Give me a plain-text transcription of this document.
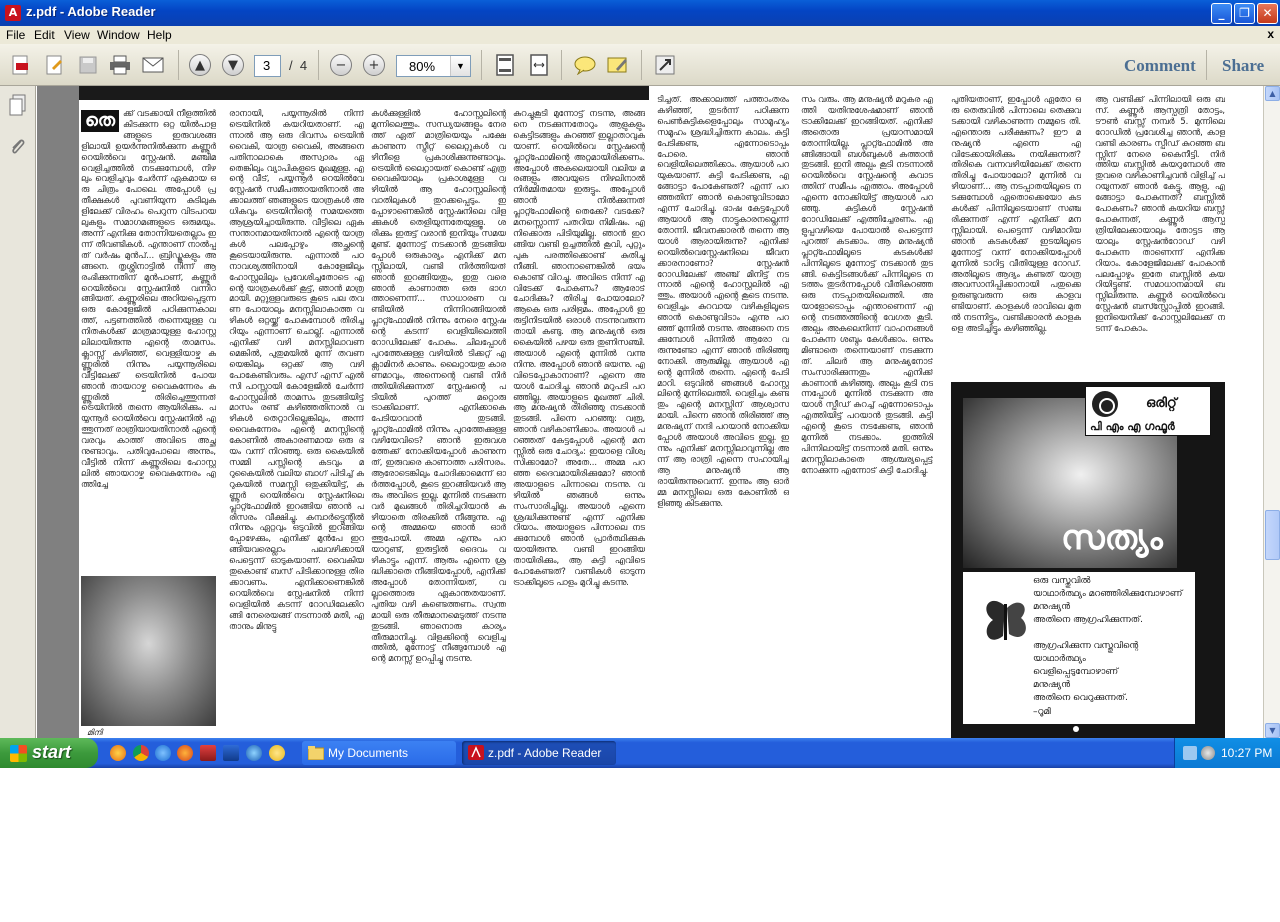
A z.pdf - Adobe Reader	_	❐	✕
File Edit View Window Help	x
▲	▼	3	/ 4	−	+	80%	▼	Comment Share
തെ ക്ക് വടക്കായി നീളത്തിൽ കിടക്കുന്ന ഒറ്റ യിൽപാളങ്ങളുടെ ഇരുവശങ്ങളിലായി ഉയർന്നുനിൽക്കുന്ന കണ്ണൂർ റെയിൽവെ സ്റ്റേഷൻ. മഞ്ചിമ വെളിച്ചത്തിൽ നടക്കുമ്പോൾ, നിഴലും വെളിച്ചവും ചേർന്ന് ഏകമായ ഒരു ചിത്രം പോലെ. അപ്പോൾ പ്രതീക്ഷകൾ പുവണിയുന്ന കുടിലുകളിലേക്ക് വിരഹം പെറുന്ന വിടപറയലുകളും സമാഗമങ്ങളുടെ ഒരുമയും. അന്ന് എനിക്കു തോന്നിയതെല്ലാം ഇന്ന് തീവണ്ടികൾ. എന്താണ് നാൽപ്പത് വർഷം മുൻപ്... ബ്രിഡ്ജുകളും അങ്ങനെ. തൃശ്ശിനാട്ടിൽ നിന്ന് ആരംഭിക്കുന്നതിന് മുൻപാണ്, കണ്ണൂർ റെയിൽവെ സ്റ്റേഷനിൽ വന്നിറങ്ങിയത്. കണ്ണൂരിലെ അറിയപ്പെടുന്ന ഒരു കോളേജിൽ പഠിക്കുന്നകാലത്ത്, പട്ടണത്തിൽ തന്നെയുള്ള വനിതകൾക്ക് മാത്രമായുള്ള ഹോസ്റ്റലിലായിരുന്നു എന്റെ താമസം. ക്ലാസ്സ് കഴിഞ്ഞ്, വെള്ളിയാഴ്ച കണ്ണൂരിൽ നിന്നും പയ്യന്നൂരിലെ വീട്ടിലേക്ക് ട്രെയിനിൽ പോയ ഞാൻ തായറാഴ്ച വൈകുന്നേരം കണ്ണൂരിൽ തിരിച്ചെത്തുന്നത് ട്രെയിനിൽ തന്നെ ആയിരിക്കും. പയ്യന്നൂർ റെയിൽവെ സ്റ്റേഷനിൽ എത്തുന്നത് രാത്രിയായതിനാൽ എന്റെ വരവും കാത്ത് അവിടെ അച്ഛനുണ്ടാവും. പതിവുപോലെ അന്നും, വീട്ടിൽ നിന്ന് കണ്ണൂരിലെ ഹോസ്റ്റലിൽ ഞായറാഴ്ച വൈകുന്നേരം എത്തിച്ചേ
മിനി
രാനായി, പയ്യന്നൂരിൽ നിന്ന് ട്രെയിനിൽ കയറിയതാണ്. എന്നാൽ ആ ഒരു ദിവസം ട്രെയിൻ വൈകി, യാത്ര വൈകി, അങ്ങനെ പതിനാലാകെ അസ്വാരം ഏതെങ്കിലും വ്യാപികളുടെ മുഖമുള്ള. എന്റെ വീട്, പയ്യന്നൂർ റെയിൽവേ സ്റ്റേഷൻ സമീപത്തായതിനാൽ അക്കാലത്ത് ഞങ്ങളുടെ യാത്രകൾ അധികവും ട്രെയിനിന്റെ സമയത്തെ ആശ്രയിച്ചായിരുന്നു. വീട്ടിലെ ഏക സന്താനമായതിനാൽ എന്റെ യാത്രകൾ പലപ്പോഴും അച്ഛന്റെ കൂടെയായിരുന്നു. എന്നാൽ പഠനാവശ്യത്തിനായി കോളേജിലും ഹോസ്റ്റലിലും പ്രവേശിച്ചതോടെ എന്റെ യാത്രകൾക്ക് കൂട്ട്, ഞാൻ മാത്രമായി. മറ്റുള്ളവരുടെ കൂടെ പല തവണ പോയാലും മനസ്സിലാകാത്ത വഴികൾ ഒറ്റയ്ക്ക് പോകുമ്പോൾ തിരിച്ചറിയും എന്നാണ് ചൊല്ല്. എന്നാൽ എനിക്ക് വഴി മനസ്സിലാവണമെങ്കിൽ, പുതുമയിൽ മുന്ന് തവണയെങ്കിലും ഒറ്റക്ക് ആ വഴി പോകേണ്ടിവരും. എസ് എസ് എൽ സി പാസ്സായി കോളേജിൽ ചേർന്ന് ഹോസ്റ്റലിൽ താമസം തുടങ്ങിയിട്ട് മാസം രണ്ട് കഴിഞ്ഞതിനാൽ വഴികൾ തെറ്റാറില്ലെങ്കിലും, അന്ന് വൈകുന്നേരം എന്റെ മനസ്സിന്റെ കോണിൽ അകാരണമായ ഒരു ഭയം വന്ന് നിറഞ്ഞു. ഒരു കൈയിൽ സമ്മി പസ്സിന്റെ കടവും മറുകൈയിൽ വലിയ ബാഗ് പിടിച്ച് കറുകയിൽ സമസ്സി ഒതുക്കിയിട്ട്, കണ്ണൂർ റെയിൽവെ സ്റ്റേഷനിലെ പ്ലാറ്റ്ഫോമിൽ ഇറങ്ങിയ ഞാൻ പരിസരം വീക്ഷിച്ചു. കമ്പാർട്ട്മെന്റിൽ നിന്നും ഏറ്റവും ഒടുവിൽ ഇറങ്ങിയപ്പോഴേക്കും, എനിക്ക് മുൻപേ ഇറങ്ങിയവരെല്ലാം പലവഴിക്കായി പെട്ടെന്ന് ഓടുകയാണ്. വൈകിയതുകൊണ്ട് ബസ് പിടിക്കാനുള്ള തിരക്കാവണം. എനിക്കാണെങ്കിൽ റെയിൽവെ സ്റ്റേഷനിൽ നിന്ന് വെളിയിൽ കടന്ന് റോഡിലേക്കിറങ്ങി നേരെയങ്ങ് നടന്നാൽ മതി, എതാനും മിനുട്ടു
കൾക്കുള്ളിൽ ഹോസ്റ്റലിന്റെ മുന്നിലെത്തും. സന്ധ്യയങ്ങളും നേരത്ത് ഏത് മാത്രിയെയും പക്ഷേ കാണുന്ന സ്ട്രീറ്റ് ലൈറ്റുകൾ വഴിനീളെ പ്രകാശിക്കുന്നുണ്ടാവും. ട്രെയിൻ ലൈറ്റായത് കൊണ്ട് എത്ര വൈകിയാലും പ്രകാശമുള്ള വഴിയിൽ ആ ഹോസ്റ്റലിന്റെ വാതിലുകൾ തുറക്കപ്പെടും. ഇപ്പോഴാണെങ്കിൽ സ്റ്റേഷനിലെ വിളക്കുകൾ തെളിയുന്നതേയുള്ളൂ. ശരിക്കും ഇരുട്ട് വരാൻ ഇനിയും സമയമുണ്ട്. മുന്നോട്ട് നടക്കാൻ തുടങ്ങിയപ്പോൾ ഒരുകാര്യം എനിക്ക് മനസ്സിലായി, വണ്ടി നിർത്തിയത് ഞാൻ ഇറങ്ങിയതും, ഇതു വരെ ഞാൻ കാണാത്ത ഒരു ഭാഗത്താണെന്ന്... സാധാരണ വണ്ടിയിൽ നിന്നിറങ്ങിയാൽ പ്ലാറ്റ്ഫോമിൽ നിന്നും നേരെ സ്റ്റേഷന്റെ കടന്ന് വെളിയിലെത്തി റോഡിലേക്ക് പോകും. ചിലപ്പോൾ പുറത്തേക്കുള്ള വഴിയിൽ ടിക്കറ്റ് എക്സാമിനർ കാണും. ലൈറ്റായതു കാരണമാവും, അന്നെന്റെ വണ്ടി നിർത്തിയിരിക്കുന്നത് സ്റ്റേഷന്റെ പടിയിൽ പുറത്ത് മറ്റൊരു ട്രാക്കിലാണ്. എനിക്കാകെ പേടിയാവാൻ തുടങ്ങി. പ്ലാറ്റ്ഫോമിൽ നിന്നും പുറത്തേക്കുള്ള വഴിയേവിടെ? ഞാൻ ഇരുവശത്തേക്ക് നോക്കിയപ്പോൾ കാണുന്നത്, ഇരുവരെ കാണാത്ത പരിസരം. ആരോടെങ്കിലും ചോദിക്കാമെന്ന് ഓർത്തപ്പോൾ, കൂടെ ഇറങ്ങിയവർ ആരും അവിടെ ഇല്ല. മുന്നിൽ നടക്കുന്നവർ മുഖങ്ങൾ തിരിച്ചറിയാൻ കഴിയാതെ തിരക്കിൽ നീങ്ങുന്നു. എന്റെ അമ്മയെ ഞാൻ ഓർത്തുപോയി. അമ്മ എന്നും പറയാറുണ്ട്, ഇരുട്ടിൽ ദൈവം വഴികാട്ടും എന്ന്. ആരും എന്നെ ശ്രദ്ധിക്കാതെ നീങ്ങിയപ്പോൾ, എനിക്ക് അപ്പോൾ തോന്നിയത്, വല്ലാത്തൊരു ഏകാന്തതയാണ്. പുതിയ വഴി കണ്ടെത്തണം. സ്വന്തമായി ഒരു തീരുമാനമെടുത്ത് നടന്നു തുടങ്ങി. ഞാനൊരു കാര്യം തീരുമാനിച്ചു. വിളക്കിന്റെ വെളിച്ചത്തിൽ, മുന്നോട്ട് നീങ്ങുമ്പോൾ എന്റെ മനസ്സ് ഉറപ്പിച്ചു നടന്നു.
കുറച്ചുകൂടി മുന്നോട്ട് നടന്നു, അങ്ങനെ നടക്കുന്നതോറും ആളുകളും കെട്ടിടങ്ങളും കുറഞ്ഞ് ഇല്ലാതാവുകയാണ്. റെയിൽവെ സ്റ്റേഷന്റെ പ്ലാറ്റ്ഫോമിന്റെ അറ്റമായിരിക്കണം. അപ്പോൾ അകലെയായി വലിയ മരങ്ങളും അവയുടെ നിഴലിനാൽ നിർമ്മിതമായ ഇരുട്ടും. അപ്പോൾ ഞാൻ നിൽക്കുന്നത് പ്ലാറ്റ്ഫോമിന്റെ തെക്കേ? വടക്കേ? മനസ്സൊന്ന് പതറിയ നിമിഷം. എനിക്കൊരു പിടിയുമില്ല. ഞാൻ ഇറങ്ങിയ വണ്ടി ഉച്ചത്തിൽ കൂവി, പുറ്റും പുക പരത്തിക്കൊണ്ട് കുതിച്ചു നീങ്ങി. ഞാനാണെങ്കിൽ ഭയം കൊണ്ട് വിറച്ചു. അവിടെ നിന്ന് എവിടേക്ക് പോകണം? ആരോട് ചോദിക്കും? തിരിച്ചു പോയാലോ? ആകെ ഒരു പരിഭ്രമം. അപ്പോൾ ഇരുട്ടിനിടയിൽ ഒരാൾ നടന്നുവരുന്നതായി കണ്ടു. ആ മനുഷ്യൻ ഒരു കൈയിൽ പഴയ ഒരു തുണിസഞ്ചി. അയാൾ എന്റെ മുന്നിൽ വന്നു നിന്നു. അപ്പോൾ ഞാൻ ഭയന്നു. എവിടെപ്പോകാനാണ്? എന്നെ അയാൾ ചോദിച്ചു. ഞാൻ മറുപടി പറഞ്ഞില്ല. അയാളുടെ മുഖത്ത് ചിരി. ആ മനുഷ്യൻ തിരിഞ്ഞു നടക്കാൻ തുടങ്ങി. പിന്നെ പറഞ്ഞു: വരൂ, ഞാൻ വഴികാണിക്കാം. അയാൾ പറഞ്ഞത് കേട്ടപ്പോൾ എന്റെ മനസ്സിൽ ഒരു ചോദ്യം: ഇയാളെ വിശ്വസിക്കാമോ? അതേ... അമ്മ പറഞ്ഞ ദൈവമായിരിക്കുമോ? ഞാൻ അയാളുടെ പിന്നാലെ നടന്നു. വഴിയിൽ ഞങ്ങൾ ഒന്നും സംസാരിച്ചില്ല. അയാൾ എന്നെ ശ്രദ്ധിക്കുന്നുണ്ട് എന്ന് എനിക്കറിയാം. അയാളുടെ പിന്നാലെ നടക്കുമ്പോൾ ഞാൻ പ്രാർത്ഥിക്കുകയായിരുന്നു. വണ്ടി ഇറങ്ങിയതായിരിക്കും, ആ കുട്ടി എവിടെ പോകേണ്ടത്? വണ്ടികൾ ഓടുന്ന ട്രാക്കിലൂടെ പാളം മുറിച്ചു കടന്നു.
ടിച്ചത്. അക്കാലത്ത് പത്താംതരം കഴിഞ്ഞ്, തുടർന്ന് പഠിക്കുന്ന പെൺകുട്ടികളെപ്പോലും സാമൂഹ്യം സമൂഹം ശ്രദ്ധിച്ചിരുന്ന കാലം. കുട്ടി പേടിക്കണ്ട, എന്നോടൊപ്പം പോരെ. ഞാൻ വെളിയിലെത്തിക്കാം. ആയാൾ പറയുകയാണ്. കുട്ടി പേടിക്കണ്ട, എങ്ങോട്ടാ പോകേണ്ടത്? എന്ന് പറഞ്ഞതിന് ഞാൻ കൊണ്ടുവിടാമോ എന്ന് ചോദിച്ചു. ഭാഷ കേട്ടപ്പോൾ ആയാൾ ആ നാട്ടുകാരനല്ലെന്ന് തോന്നി. ജീവനക്കാരൻ തന്നെ ആയാൾ ആരായിരുന്നു? എനിക്ക് റെയിൽവെസ്റ്റേഷനിലെ ജീവനക്കാരനാണോ? സ്റ്റേഷൻ റോഡിലേക്ക് അഞ്ച് മിനിട്ട് നടന്നാൽ എന്റെ ഹോസ്റ്റലിൽ എത്തും. അയാൾ എന്റെ കൂടെ നടന്നു. വെളിച്ചം കുറവായ വഴികളിലൂടെ ഞാൻ കൊണ്ടുവിടാം എന്നു പറഞ്ഞ് മുന്നിൽ നടന്നു. അങ്ങനെ നടക്കുമ്പോൾ പിന്നിൽ ആരോ വരുന്നുണ്ടോ എന്ന് ഞാൻ തിരിഞ്ഞു നോക്കി. ആരുമില്ല. ആയാൾ എന്റെ മുന്നിൽ തന്നെ. എന്റെ പേടി മാറി. ഒടുവിൽ ഞങ്ങൾ ഹോസ്റ്റലിന്റെ മുന്നിലെത്തി. വെളിച്ചം കണ്ടതും എന്റെ മനസ്സിന് ആശ്വാസമായി. പിന്നെ ഞാൻ തിരിഞ്ഞ് ആ മനുഷ്യന് നന്ദി പറയാൻ നോക്കിയപ്പോൾ അയാൾ അവിടെ ഇല്ല. ഇന്നും എനിക്ക് മനസ്സിലാവുന്നില്ല അന്ന് ആ രാത്രി എന്നെ സഹായിച്ച ആ മനുഷ്യൻ ആരായിരുന്നുവെന്ന്. ഇന്നും ആ ഓർമ്മ മനസ്സിലെ ഒരു കോണിൽ ഒളിഞ്ഞു കിടക്കുന്നു.
സം വരും. ആ മനുഷ്യൻ മറുകര എത്തി യതിനുശേഷമാണ് ഞാൻ ട്രാക്കിലേക്ക് ഇറങ്ങിയത്. എനിക്ക് അതൊരു പ്രയാസമായി തോന്നിയില്ല. പ്ലാറ്റ്ഫോമിൽ അങ്ങിങ്ങായി ബൾബുകൾ കത്താൻ തുടങ്ങി. ഇനി അല്പം കൂടി നടന്നാൽ റെയിൽവെ സ്റ്റേഷന്റെ കവാടത്തിന് സമീപം എത്താം. അപ്പോൾ എന്നെ നോക്കിയിട്ട് ആയാൾ പറഞ്ഞു. കുട്ടികൾ സ്റ്റേഷൻ റോഡിലേക്ക് എത്തിച്ചേരണം. എളുപ്പവഴിയെ പോയാൽ പെട്ടെന്ന് പുറത്ത് കടക്കാം. ആ മനുഷ്യൻ പ്ലാറ്റ്ഫോമിലൂടെ കടകൾക്ക് പിന്നിലൂടെ മുന്നോട്ട് നടക്കാൻ തുടങ്ങി. കെട്ടിടങ്ങൾക്ക് പിന്നിലൂടെ നടത്തം തുടർന്നപ്പോൾ വീതികുറഞ്ഞ ഒരു നടപ്പാതയിലെത്തി. അയാളോടൊപ്പം എന്താണെന്ന് എന്റെ നടത്തത്തിന്റെ വേഗത കൂടി. അല്പം അകലെനിന്ന് വാഹനങ്ങൾ പോകുന്ന ശബ്ദം കേൾക്കാം. ഒന്നും മിണ്ടാതെ തന്നെയാണ് നടക്കുന്നത്. ചിലർ ആ മനുഷ്യനോട് സംസാരിക്കുന്നതും എനിക്ക് കാണാൻ കഴിഞ്ഞു. അല്പം കൂടി നടന്നപ്പോൾ മുന്നിൽ നടക്കുന്ന അയാൾ സ്പീഡ് കുറച്ച് എന്നോടൊപ്പം എത്തിയിട്ട് പറയാൻ തുടങ്ങി. കുട്ടി എന്റെ കൂടെ നടക്കേണ്ട, ഞാൻ മുന്നിൽ നടക്കാം. ഇത്തിരി പിന്നിലായിട്ട് നടന്നാൽ മതി. ഒന്നും മനസ്സിലാകാതെ ആശ്ചര്യപ്പെട്ട് നോക്കുന്ന എന്നോട് കുട്ടി ചോദിച്ചു.
പുതിയതാണ്, ഇപ്പോൾ ഏതോ ഒരു തെരുവിൽ പിന്നാലെ തെക്കുവടക്കായി വഴികാണുന്ന നമ്മുടെ തി. എന്തൊരു പരീക്ഷണം? ഈ മനുഷ്യൻ എന്നെ എവിടേക്കായിരിക്കും നയിക്കുന്നത്? തിരികെ വന്നവഴിയിലേക്ക് തന്നെ തിരിച്ചു പോയാലോ? മുന്നിൽ വഴിയാണ്... ആ നടപ്പാതയിലൂടെ നടക്കുമ്പോൾ ഏതൊക്കെയോ കടകൾക്ക് പിന്നിലൂടെയാണ് സഞ്ചരിക്കുന്നത് എന്ന് എനിക്ക് മനസ്സിലായി. പെട്ടെന്ന് വഴിമാറിയ ഞാൻ കടകൾക്ക് ഇടയിലൂടെ മുന്നോട്ട് വന്ന് നോക്കിയപ്പോൾ മുന്നിൽ ടാറിട്ട വീതിയുള്ള റോഡ്. അതിലൂടെ ആദ്യം കണ്ടത് യാത്ര അവസാനിപ്പിക്കാനായി പതുക്കെ ഉരുണ്ടുവരുന്ന ഒരു കാളവണ്ടിയാണ്. കാളകൾ രാവിലെ മുതൽ നടന്നിട്ടും, വണ്ടിക്കാരൻ കാളകളെ അടിച്ചിട്ടും കഴിഞ്ഞില്ല.
ആ വണ്ടിക്ക് പിന്നിലായി ഒരു ബസ്. കണ്ണൂർ ആസ്പത്രി തോട്ടം, ടൗൺ ബസ്സ് നമ്പർ 5. മുന്നിലെ റോഡിൽ പ്രവേശിച്ച ഞാൻ, കാളവണ്ടി കാരണം സ്പീഡ് കുറഞ്ഞ ബസ്സിന് നേരെ കൈനീട്ടി. നിർത്തിയ ബസ്സിൽ കയറുമ്പോൾ അതുവരെ വഴികാണിച്ചവൻ വിളിച്ച് പറയുന്നത് ഞാൻ കേട്ടു. ആളു, എങ്ങോട്ടാ പോകുന്നത്? ബസ്സിൽ പോകണം? ഞാൻ കയറിയ ബസ്സ് പോകുന്നത്, കണ്ണൂർ ആസ്പത്രിയിലേക്കായാലും തോട്ടട ആയാലും സ്റ്റേഷൻറോഡ് വഴി പോകുന്ന താണെന്ന് എനിക്കറിയാം. കോളേജിലേക്ക് പോകാൻ പലപ്പോഴും ഇതേ ബസ്സിൽ കയറിയിട്ടുണ്ട്. സമാധാനമായി ബസ്സിലിരുന്നു. കണ്ണൂർ റെയിൽവെ സ്റ്റേഷൻ ബസ്സ്റ്റോപ്പിൽ ഇറങ്ങി. ഇനിയെനിക്ക് ഹോസ്റ്റലിലേക്ക് നടന്ന് പോകാം.
സത്യം
ഒരിറ്റ്
പി എം എ ഗഫൂർ
ഒരു വസ്തുവിൽ
യാഥാർത്ഥ്യം മറഞ്ഞിരിക്കുമ്പോഴാണ്
മനുഷ്യൻ
അതിനെ ആഗ്രഹിക്കുന്നത്.
ആഗ്രഹിക്കുന്ന വസ്തുവിന്റെ
യാഥാർത്ഥ്യം
വെളിപ്പെടുമ്പോഴാണ്
മനുഷ്യൻ
അതിനെ വെറുക്കുന്നത്.
–റൂമി
▲
▼
start	My Documents	z.pdf - Adobe Reader	10:27 PM
